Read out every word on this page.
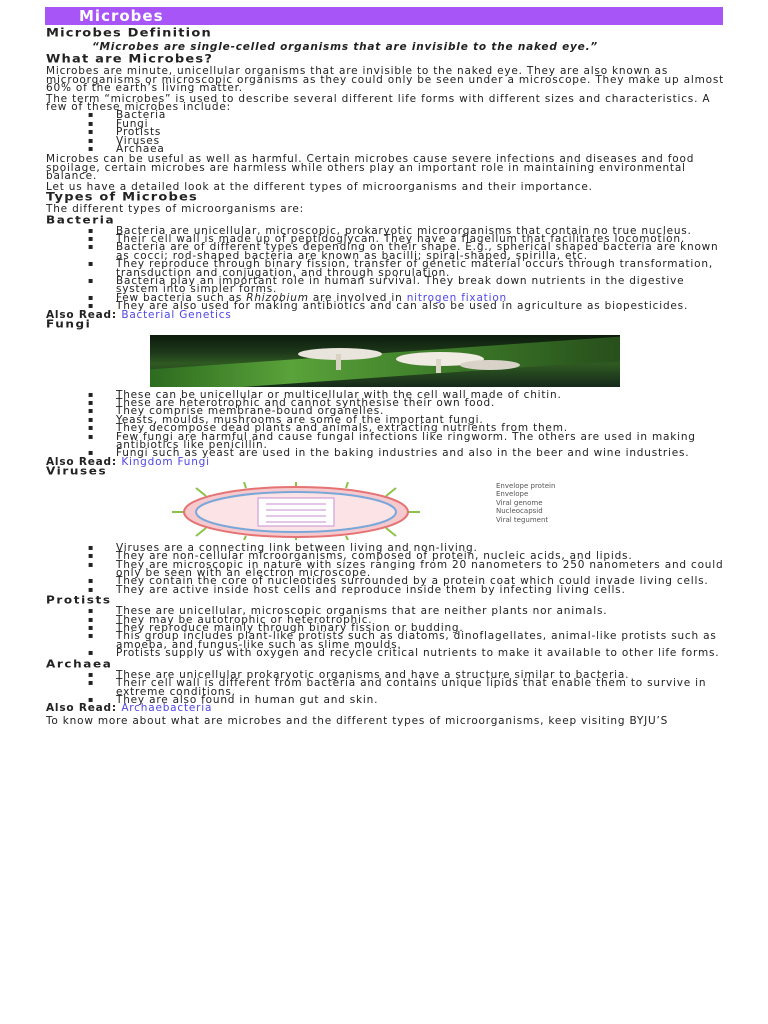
Microbes
Microbes Definition
“Microbes are single-celled organisms that are invisible to the naked eye.”
What are Microbes?

Microbes are minute, unicellular organisms that are invisible to the naked eye. They are also known as microorganisms or microscopic organisms as they could only be seen under a microscope. They make up almost 60% of the earth’s living matter.

The term “microbes” is used to describe several different life forms with different sizes and characteristics. A few of these microbes include:

▪ Bacteria
▪ Fungi
▪ Protists
▪ Viruses
▪ Archaea

Microbes can be useful as well as harmful. Certain microbes cause severe infections and diseases and food spoilage, certain microbes are harmless while others play an important role in maintaining environmental balance.

Let us have a detailed look at the different types of microorganisms and their importance.

Types of Microbes

The different types of microorganisms are:

Bacteria
▪ Bacteria are unicellular, microscopic, prokaryotic microorganisms that contain no true nucleus.
▪ Their cell wall is made up of peptidoglycan. They have a flagellum that facilitates locomotion.
▪ Bacteria are of different types depending on their shape. E.g., spherical shaped bacteria are known as cocci; rod-shaped bacteria are known as bacilli; spiral-shaped, spirilla, etc.
▪ They reproduce through binary fission, transfer of genetic material occurs through transformation, transduction and conjugation, and through sporulation.
▪ Bacteria play an important role in human survival. They break down nutrients in the digestive system into simpler forms.
▪ Few bacteria such as Rhizobium are involved in nitrogen fixation
▪ They are also used for making antibiotics and can also be used in agriculture as biopesticides.
Also Read: Bacterial Genetics
Fungi
▪ These can be unicellular or multicellular with the cell wall made of chitin.
▪ These are heterotrophic and cannot synthesise their own food.
▪ They comprise membrane-bound organelles.
▪ Yeasts, moulds, mushrooms are some of the important fungi.
▪ They decompose dead plants and animals, extracting nutrients from them.
▪ Few fungi are harmful and cause fungal infections like ringworm. The others are used in making antibiotics like penicillin.
▪ Fungi such as yeast are used in the baking industries and also in the beer and wine industries.
Also Read: Kingdom Fungi
Viruses
Envelope protein
Envelope
Viral genome
Nucleocapsid
Viral tegument
▪ Viruses are a connecting link between living and non-living.
▪ They are non-cellular microorganisms, composed of protein, nucleic acids, and lipids.
▪ They are microscopic in nature with sizes ranging from 20 nanometers to 250 nanometers and could only be seen with an electron microscope.
▪ They contain the core of nucleotides surrounded by a protein coat which could invade living cells.
▪ They are active inside host cells and reproduce inside them by infecting living cells.
Protists
▪ These are unicellular, microscopic organisms that are neither plants nor animals.
▪ They may be autotrophic or heterotrophic.
▪ They reproduce mainly through binary fission or budding.
▪ This group includes plant-like protists such as diatoms, dinoflagellates, animal-like protists such as amoeba, and fungus-like such as slime moulds.
▪ Protists supply us with oxygen and recycle critical nutrients to make it available to other life forms.
Archaea
▪ These are unicellular prokaryotic organisms and have a structure similar to bacteria.
▪ Their cell wall is different from bacteria and contains unique lipids that enable them to survive in extreme conditions.
▪ They are also found in human gut and skin.
Also Read: Archaebacteria

To know more about what are microbes and the different types of microorganisms, keep visiting BYJU’S
